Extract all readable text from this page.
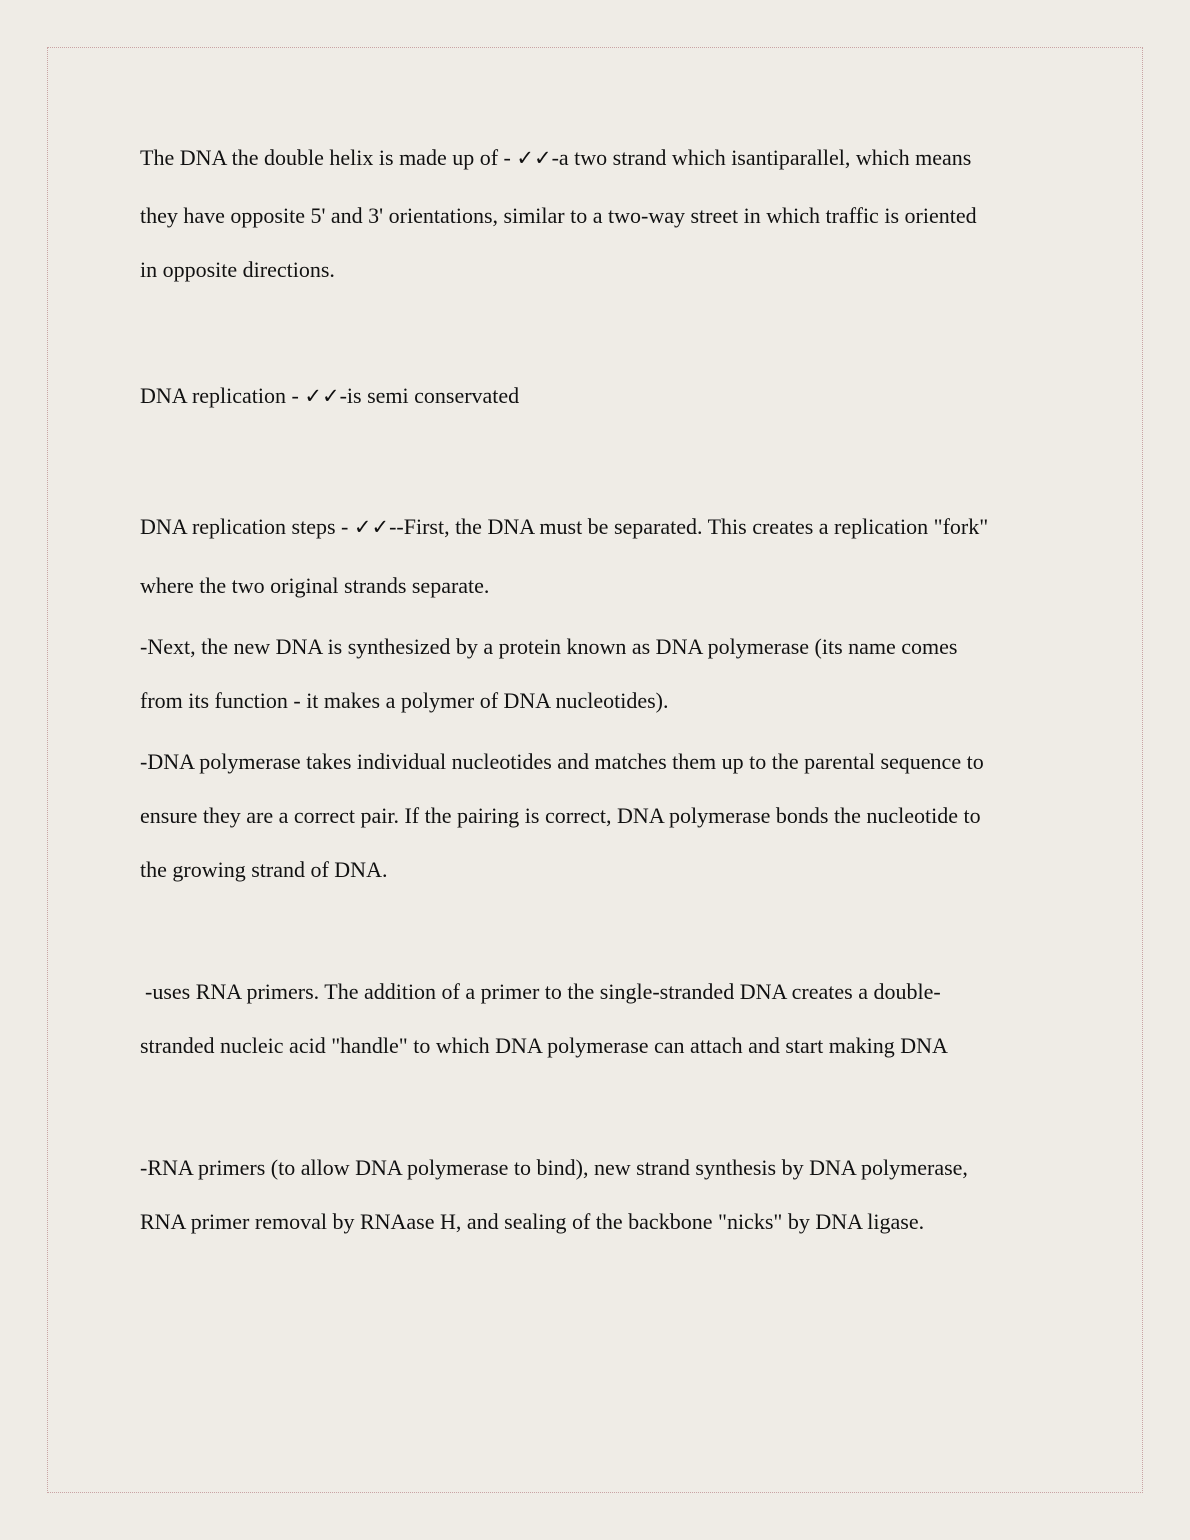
The DNA the double helix is made up of - ✓✓-a two strand which isantiparallel, which means
they have opposite 5' and 3' orientations, similar to a two-way street in which traffic is oriented
in opposite directions.
DNA replication - ✓✓-is semi conservated
DNA replication steps - ✓✓--First, the DNA must be separated. This creates a replication "fork"
where the two original strands separate.
-Next, the new DNA is synthesized by a protein known as DNA polymerase (its name comes
from its function - it makes a polymer of DNA nucleotides).
-DNA polymerase takes individual nucleotides and matches them up to the parental sequence to
ensure they are a correct pair. If the pairing is correct, DNA polymerase bonds the nucleotide to
the growing strand of DNA.
-uses RNA primers. The addition of a primer to the single-stranded DNA creates a double-
stranded nucleic acid "handle" to which DNA polymerase can attach and start making DNA
-RNA primers (to allow DNA polymerase to bind), new strand synthesis by DNA polymerase,
RNA primer removal by RNAase H, and sealing of the backbone "nicks" by DNA ligase.
